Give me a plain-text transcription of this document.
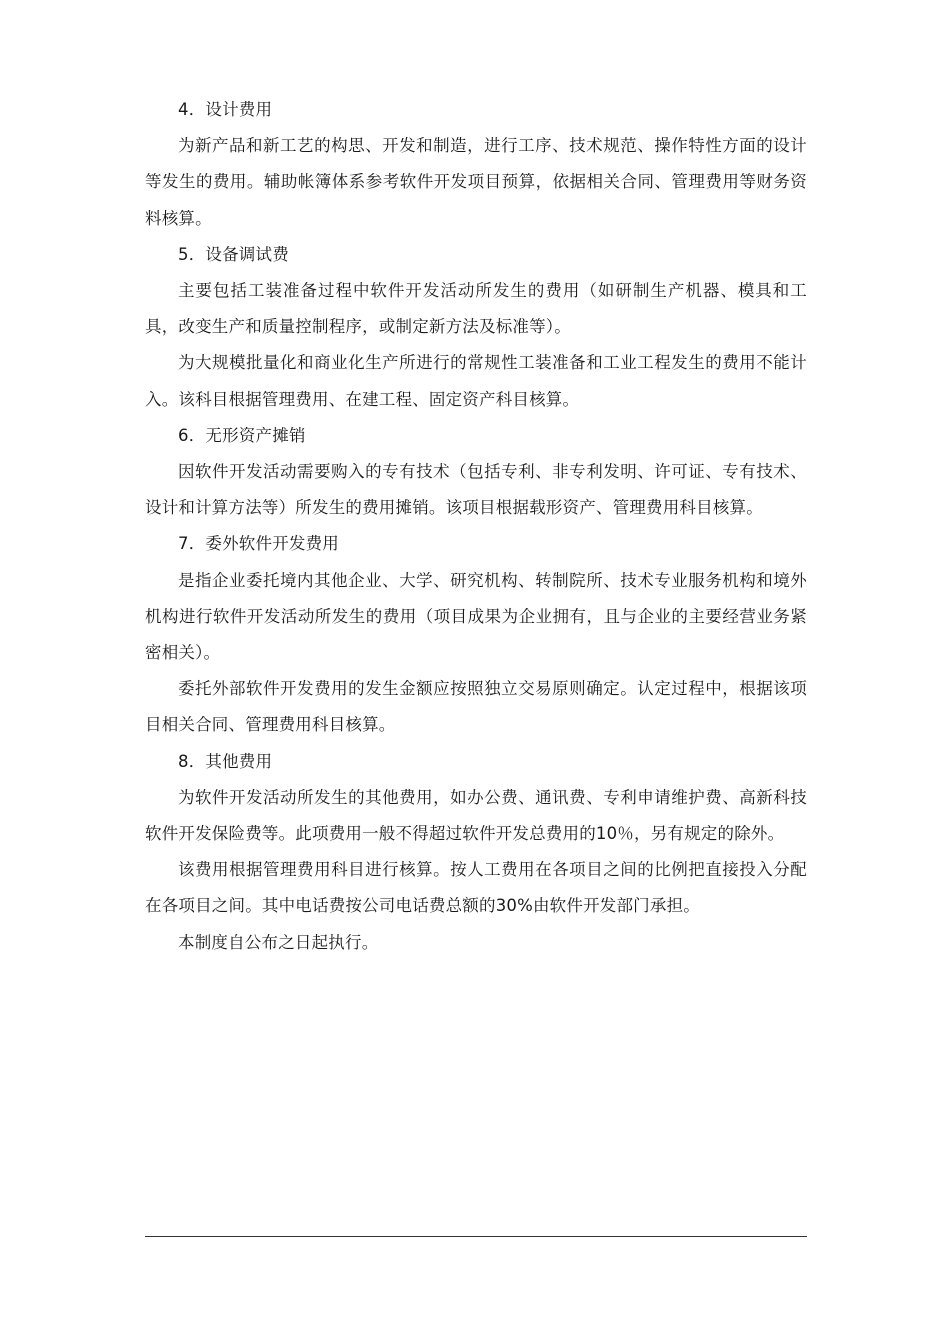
4．设计费用

为新产品和新工艺的构思、开发和制造，进行工序、技术规范、操作特性方面的设计等发生的费用。辅助帐簿体系参考软件开发项目预算，依据相关合同、管理费用等财务资料核算。

5．设备调试费

主要包括工装准备过程中软件开发活动所发生的费用（如研制生产机器、模具和工具，改变生产和质量控制程序，或制定新方法及标准等）。

为大规模批量化和商业化生产所进行的常规性工装准备和工业工程发生的费用不能计入。该科目根据管理费用、在建工程、固定资产科目核算。

6．无形资产摊销

因软件开发活动需要购入的专有技术（包括专利、非专利发明、许可证、专有技术、设计和计算方法等）所发生的费用摊销。该项目根据载形资产、管理费用科目核算。

7．委外软件开发费用

是指企业委托境内其他企业、大学、研究机构、转制院所、技术专业服务机构和境外机构进行软件开发活动所发生的费用（项目成果为企业拥有，且与企业的主要经营业务紧密相关）。

委托外部软件开发费用的发生金额应按照独立交易原则确定。认定过程中，根据该项目相关合同、管理费用科目核算。

8．其他费用

为软件开发活动所发生的其他费用，如办公费、通讯费、专利申请维护费、高新科技软件开发保险费等。此项费用一般不得超过软件开发总费用的10％，另有规定的除外。

该费用根据管理费用科目进行核算。按人工费用在各项目之间的比例把直接投入分配在各项目之间。其中电话费按公司电话费总额的30%由软件开发部门承担。

本制度自公布之日起执行。
